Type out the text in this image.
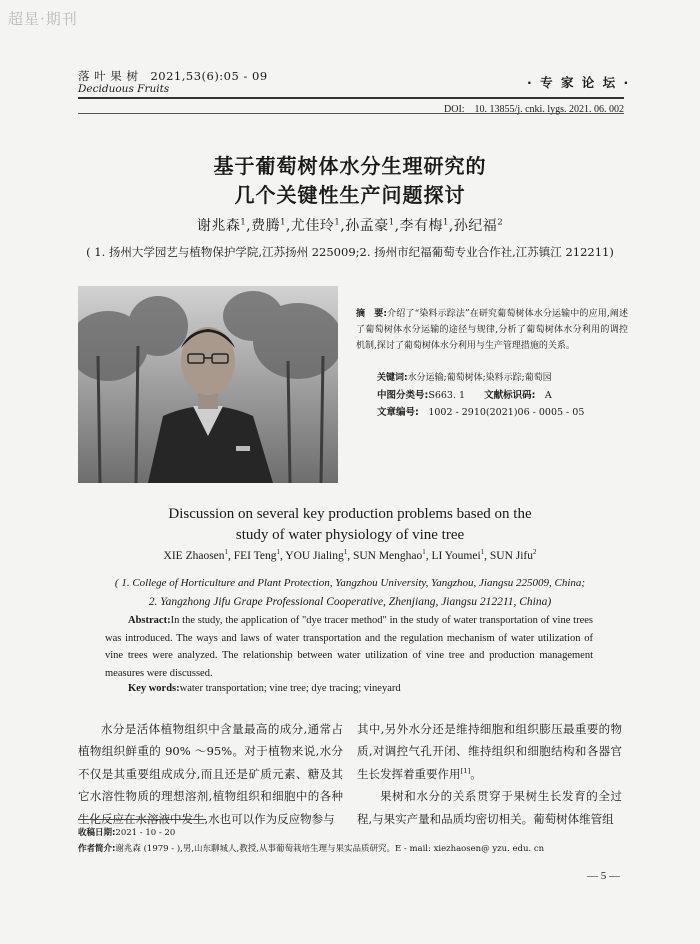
超星·期刊
落 叶 果 树　2021,53(6):05 - 09
Deciduous Fruits	· 专 家 论 坛 ·
DOI:　10. 13855/j. cnki. lygs. 2021. 06. 002
基于葡萄树体水分生理研究的
几个关键性生产问题探讨
谢兆森$^1$,费腾$^1$,尤佳玲$^1$,孙孟豪$^1$,李有梅$^1$,孙纪福$^2$
( 1. 扬州大学园艺与植物保护学院,江苏扬州 225009;2. 扬州市纪福葡萄专业合作社,江苏镇江 212211)
摘　要:介绍了“染料示踪法”在研究葡萄树体水分运输中的应用,阐述了葡萄树体水分运输的途径与规律,分析了葡萄树体水分利用的调控机制,探讨了葡萄树体水分利用与生产管理措施的关系。
关键词:水分运输;葡萄树体;染料示踪;葡萄园
中图分类号:S663. 1　　 文献标识码:　 A
文章编号:　 1002 - 2910(2021)06 - 0005 - 05
Discussion on several key production problems based on the
study of water physiology of vine tree
XIE Zhaosen$^1$, FEI Teng$^1$, YOU Jialing$^1$, SUN Menghao$^1$, LI Youmei$^1$, SUN Jifu$^2$
( 1. College of Horticulture and Plant Protection, Yangzhou University, Yangzhou, Jiangsu 225009, China;
2. Yangzhong Jifu Grape Professional Cooperative, Zhenjiang, Jiangsu 212211, China)
Abstract:In the study, the application of "dye tracer method" in the study of water transportation of vine trees was introduced. The ways and laws of water transportation and the regulation mechanism of water utilization of vine trees were analyzed. The relationship between water utilization of vine tree and production management measures were discussed.
Key words:water transportation; vine tree; dye tracing; vineyard
水分是活体植物组织中含量最高的成分,通常占植物组织鲜重的 90% ～95%。对于植物来说,水分不仅是其重要组成成分,而且还是矿质元素、糖及其它水溶性物质的理想溶剂,植物组织和细胞中的各种生化反应在水溶液中发生,水也可以作为反应物参与
其中,另外水分还是维持细胞和组织膨压最重要的物质,对调控气孔开闭、维持组织和细胞结构和各器官生长发挥着重要作用[1]。
果树和水分的关系贯穿于果树生长发育的全过程,与果实产量和品质均密切相关。葡萄树体维管组
收稿日期:2021 - 10 - 20
作者简介:谢兆森 (1979 - ),男,山东聊城人,教授,从事葡萄栽培生理与果实品质研究。E - mail: xiezhaosen@ yzu. edu. cn
— 5 —
